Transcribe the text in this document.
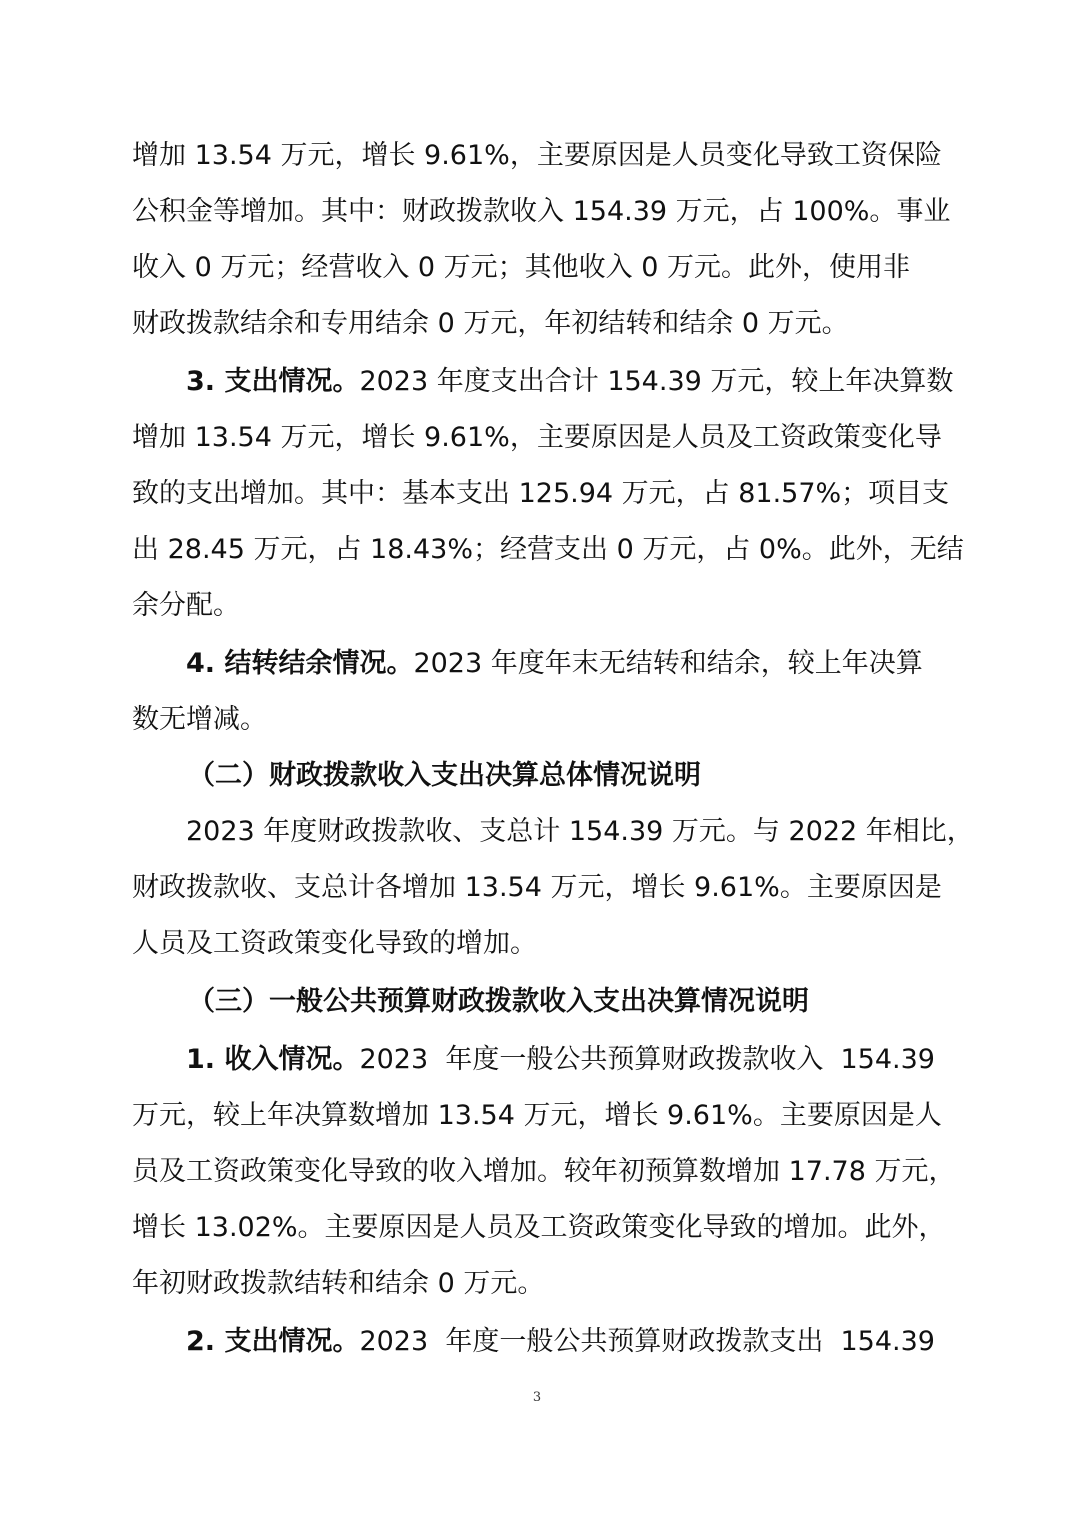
增加 13.54 万元，增长 9.61%，主要原因是人员变化导致工资保险
公积金等增加。其中：财政拨款收入 154.39 万元，占 100%。事业
收入 0 万元；经营收入 0 万元；其他收入 0 万元。此外，使用非
财政拨款结余和专用结余 0 万元，年初结转和结余 0 万元。
3. 支出情况。2023 年度支出合计 154.39 万元，较上年决算数
增加 13.54 万元，增长 9.61%，主要原因是人员及工资政策变化导
致的支出增加。其中：基本支出 125.94 万元，占 81.57%；项目支
出 28.45 万元，占 18.43%；经营支出 0 万元，占 0%。此外，无结
余分配。
4. 结转结余情况。2023 年度年末无结转和结余，较上年决算
数无增减。
（二）财政拨款收入支出决算总体情况说明
2023 年度财政拨款收、支总计 154.39 万元。与 2022 年相比，
财政拨款收、支总计各增加 13.54 万元，增长 9.61%。主要原因是
人员及工资政策变化导致的增加。
（三）一般公共预算财政拨款收入支出决算情况说明
1. 收入情况。2023  年度一般公共预算财政拨款收入  154.39
万元，较上年决算数增加 13.54 万元，增长 9.61%。主要原因是人
员及工资政策变化导致的收入增加。较年初预算数增加 17.78 万元，
增长 13.02%。主要原因是人员及工资政策变化导致的增加。此外，
年初财政拨款结转和结余 0 万元。
2. 支出情况。2023  年度一般公共预算财政拨款支出  154.39
3
